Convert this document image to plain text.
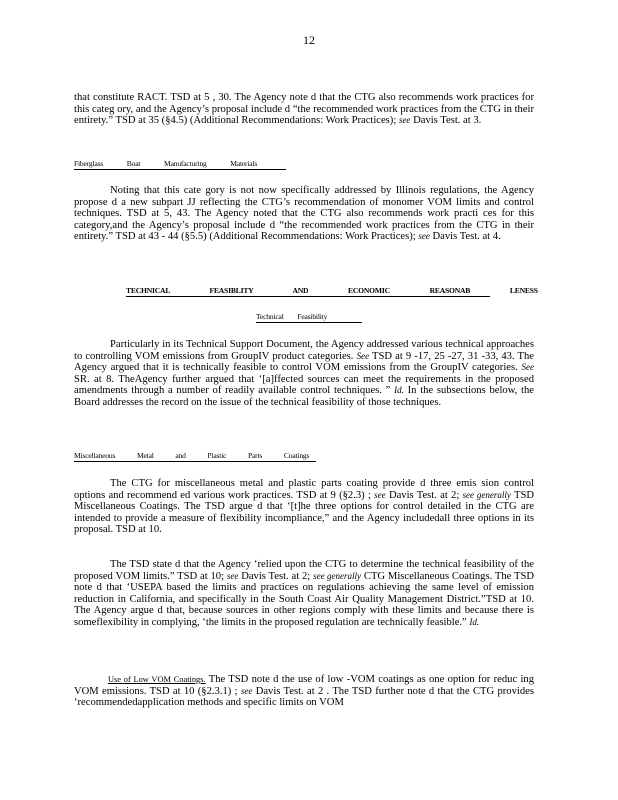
12

that constitute RACT. TSD at 5 , 30. The Agency note d that the CTG also recommends work practices for this categ ory, and the Agency’s proposal include d “the recommended work practices from the CTG in their entirety.” TSD at 35 (§4.5) (Additional Recommendations: Work Practices); see Davis Test. at 3.

Fiberglass Boat Manufacturing Materials

Noting that this cate gory is not now specifically addressed by Illinois regulations, the Agency propose d a new subpart JJ reflecting the CTG’s recommendation of monomer VOM limits and control techniques. TSD at 5, 43. The Agency noted that the CTG also recommends work practi ces for this category,and the Agency’s proposal include d “the recommended work practices from the CTG in their entirety.” TSD at 43 - 44 (§5.5) (Additional Recommendations: Work Practices); see Davis Test. at 4.

TECHNICAL FEASIBLITY AND ECONOMIC REASONAB LENESS
Technical Feasibility

Particularly in its Technical Support Document, the Agency addressed various technical approaches to controlling VOM emissions from GroupIV product categories. See TSD at 9 -17, 25 -27, 31 -33, 43. The Agency argued that it is technically feasible to control VOM emissions from the GroupIV categories. See SR. at 8. TheAgency further argued that ‘[a]ffected sources can meet the requirements in the proposed amendments through a number of readily available control techniques. ” Id. In the subsections below, the Board addresses the record on the issue of the technical feasibility of those techniques.

Miscellaneous Metal and Plastic Parts Coatings

The CTG for miscellaneous metal and plastic parts coating provide d three emis sion control options and recommend ed various work practices. TSD at 9 (§2.3) ; see Davis Test. at 2; see generally TSD Miscellaneous Coatings. The TSD argue d that ‘[t]he three options for control detailed in the CTG are intended to provide a measure of flexibility incompliance,” and the Agency includedall three options in its proposal. TSD at 10.

The TSD state d that the Agency ‘relied upon the CTG to determine the technical feasibility of the proposed VOM limits.” TSD at 10; see Davis Test. at 2; see generally CTG Miscellaneous Coatings. The TSD note d that ‘USEPA based the limits and practices on regulations achieving the same level of emission reduction in California, and specifically in the South Coast Air Quality Management District.”TSD at 10. The Agency argue d that, because sources in other regions comply with these limits and because there is someflexibility in complying, ‘the limits in the proposed regulation are technically feasible.” Id.

Use of Low VOM Coatings. The TSD note d the use of low -VOM coatings as one option for reduc ing VOM emissions. TSD at 10 (§2.3.1) ; see Davis Test. at 2 . The TSD further note d that the CTG provides ‘recommendedapplication methods and specific limits on VOM
